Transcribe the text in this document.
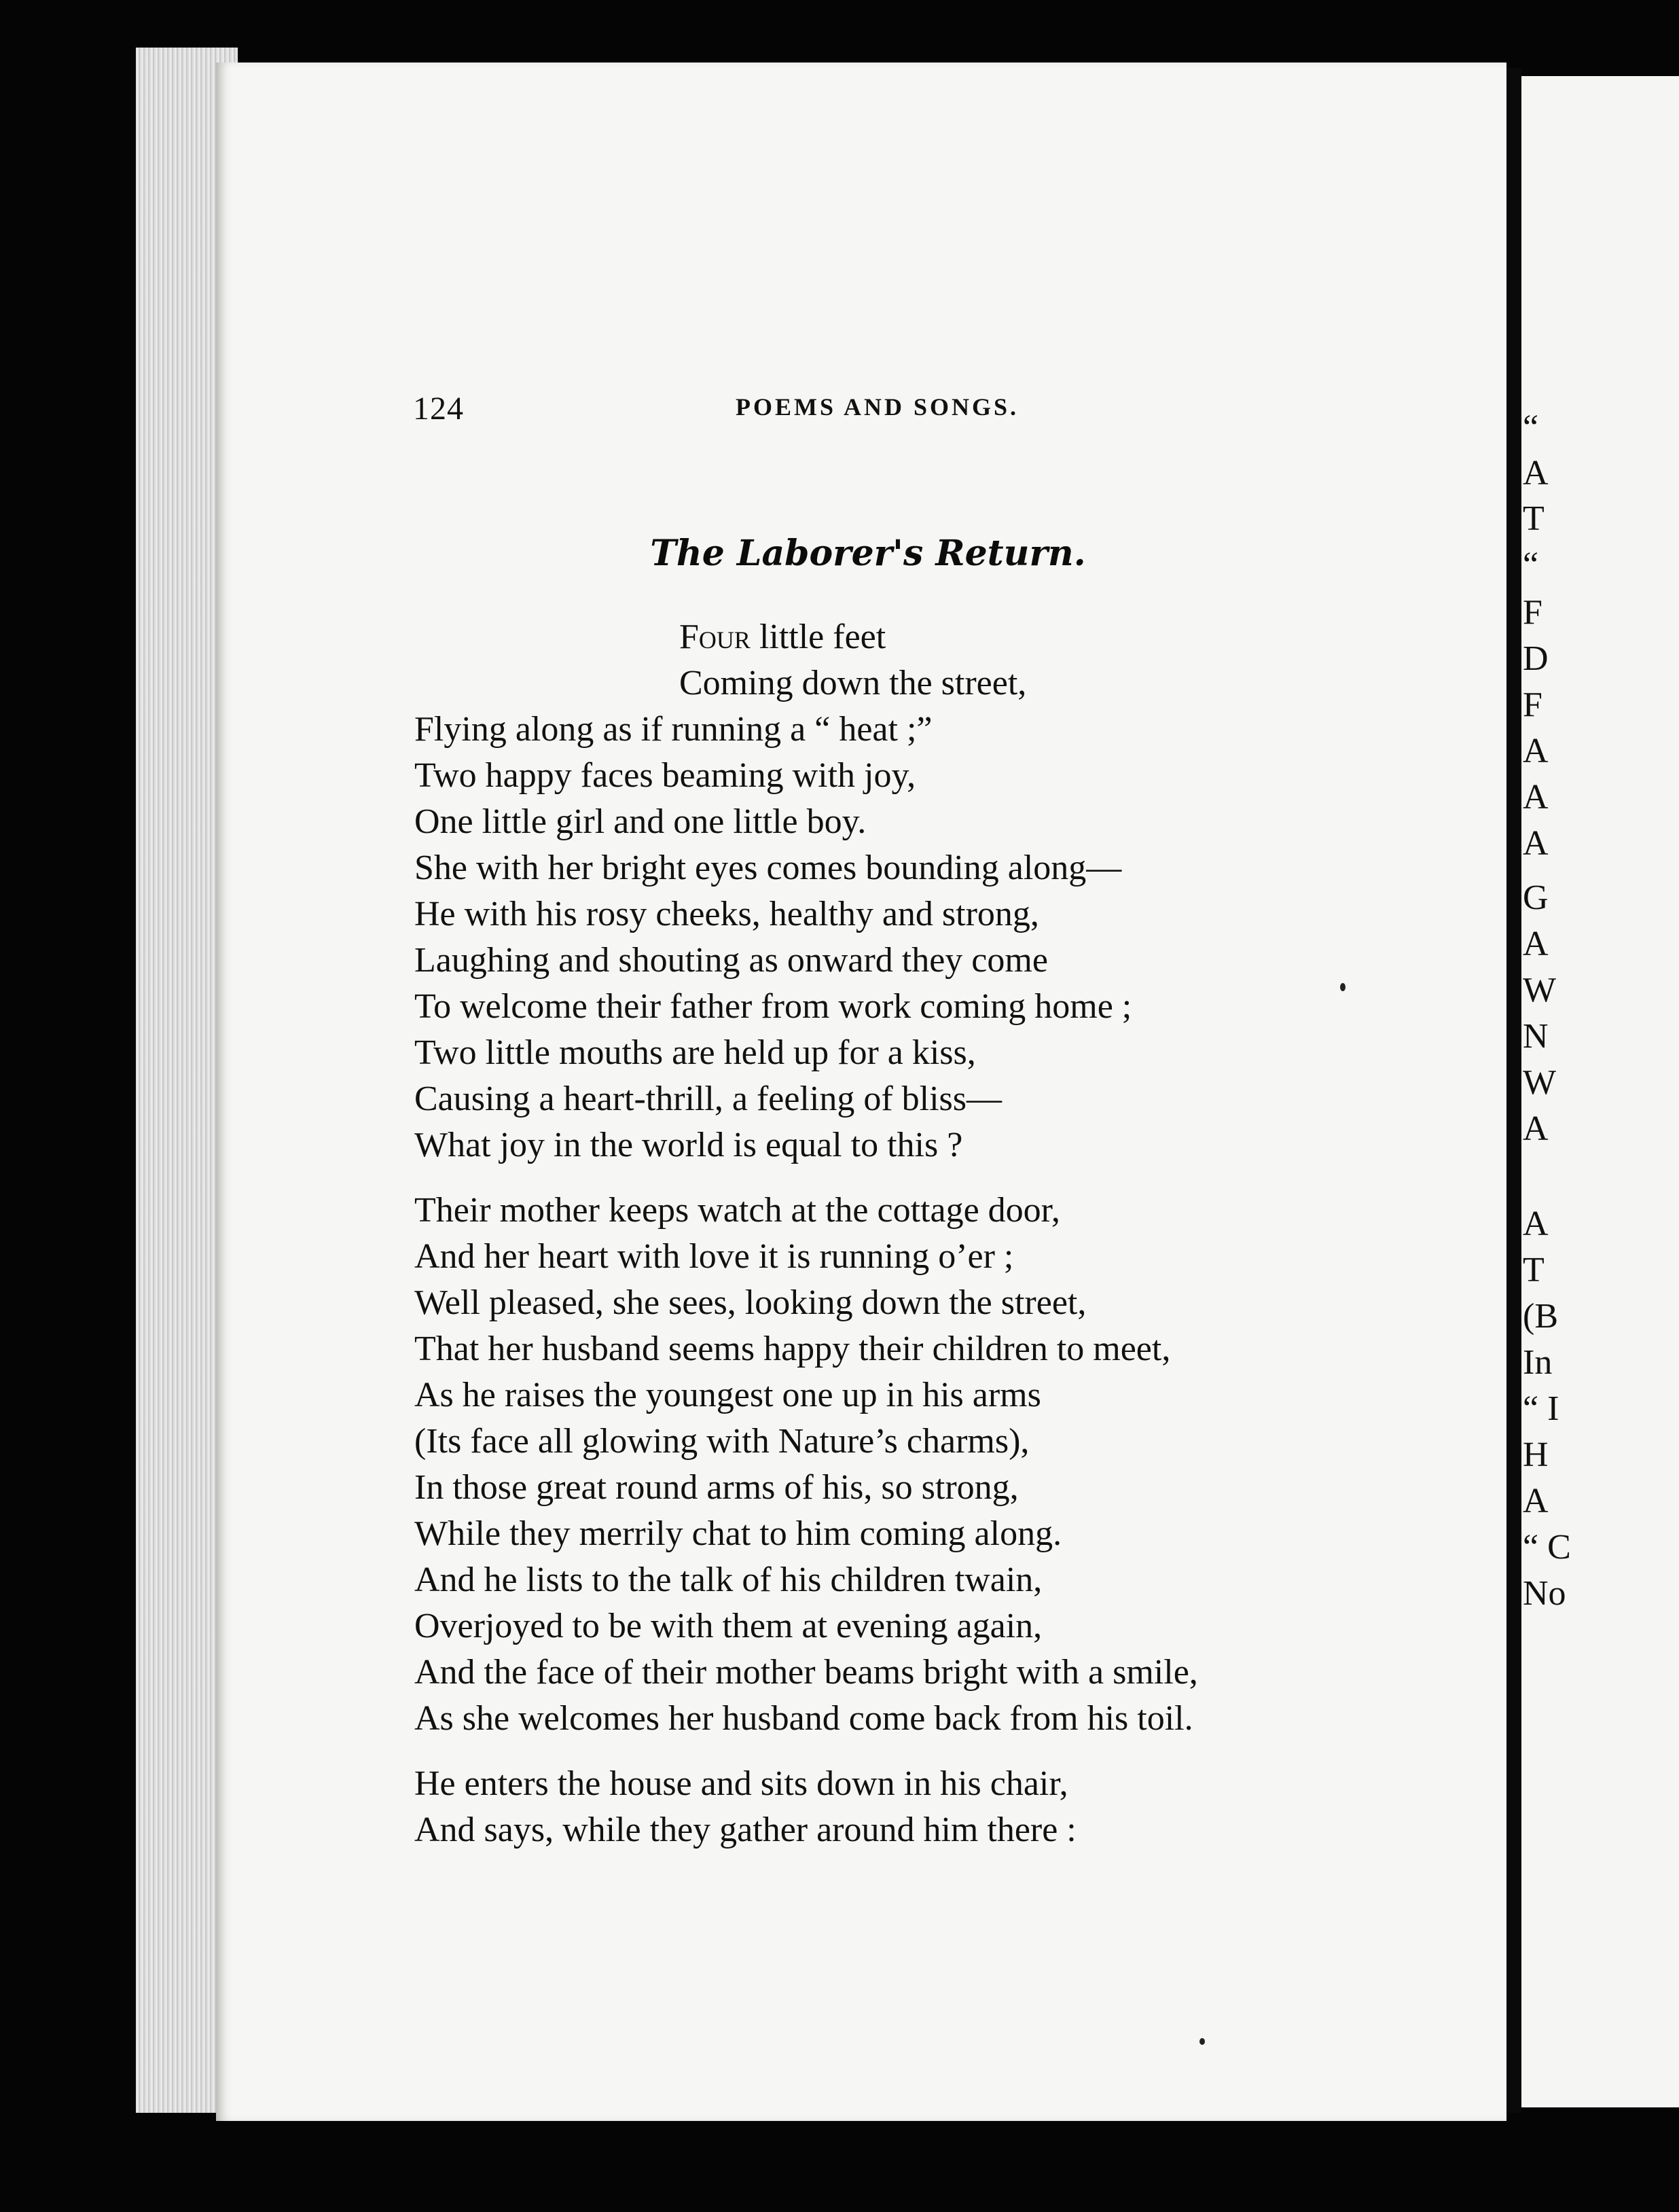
124	POEMS AND SONGS.
The Laborer's Return.
Four little feet
Coming down the street,
Flying along as if running a “ heat ;”
Two happy faces beaming with joy,
One little girl and one little boy.
She with her bright eyes comes bounding along—
He with his rosy cheeks, healthy and strong,
Laughing and shouting as onward they come
To welcome their father from work coming home ;
Two little mouths are held up for a kiss,
Causing a heart-thrill, a feeling of bliss—
What joy in the world is equal to this ?
Their mother keeps watch at the cottage door,
And her heart with love it is running o’er ;
Well pleased, she sees, looking down the street,
That her husband seems happy their children to meet,
As he raises the youngest one up in his arms
(Its face all glowing with Nature’s charms),
In those great round arms of his, so strong,
While they merrily chat to him coming along.
And he lists to the talk of his children twain,
Overjoyed to be with them at evening again,
And the face of their mother beams bright with a smile,
As she welcomes her husband come back from his toil.
He enters the house and sits down in his chair,
And says, while they gather around him there :
“
A
T
“
F
D
F
A
A
A
G
A
W
N
W
A
A
T
(B
In
“ I
H
A
“ C
No
